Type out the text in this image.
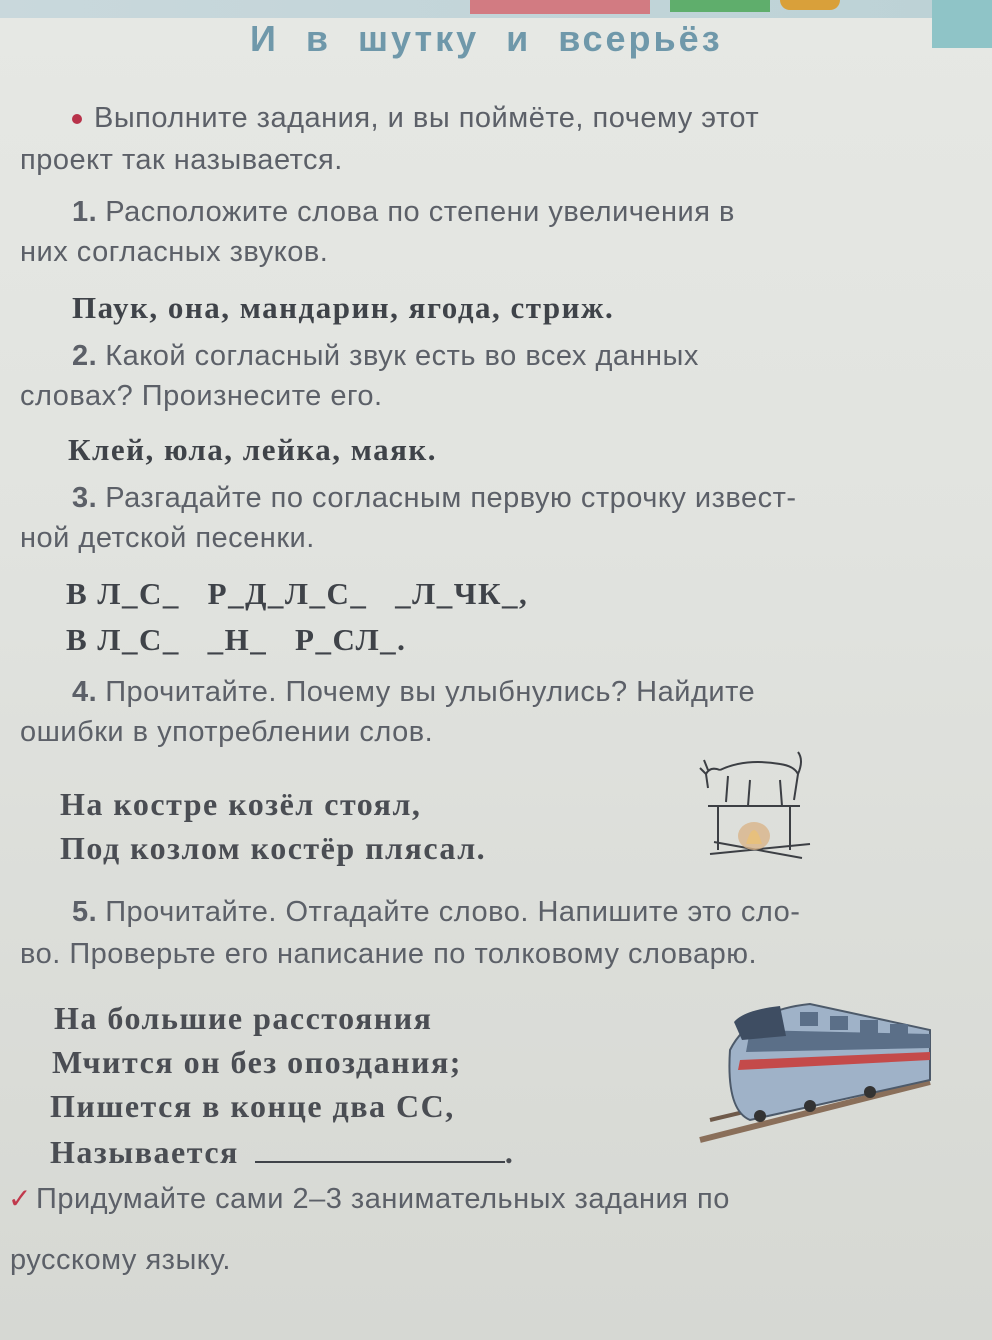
И в шутку и всерьёз
Выполните задания, и вы поймёте, почему этот
проект так называется.
1. Расположите слова по степени увеличения в
них согласных звуков.
Паук, она, мандарин, ягода, стриж.
2. Какой согласный звук есть во всех данных
словах? Произнесите его.
Клей, юла, лейка, маяк.
3. Разгадайте по согласным первую строчку извест-
ной детской песенки.
В Л_С_   Р_Д_Л_С_   _Л_ЧК_,
В Л_С_   _Н_   Р_СЛ_.
4. Прочитайте. Почему вы улыбнулись? Найдите
ошибки в употреблении слов.
На костре козёл стоял,
Под козлом костёр плясал.
5. Прочитайте. Отгадайте слово. Напишите это сло-
во. Проверьте его написание по толковому словарю.
На большие расстояния
Мчится он без опоздания;
Пишется в конце два СС,
Называется	.
✓ Придумайте сами 2–3 занимательных задания по
русскому языку.
